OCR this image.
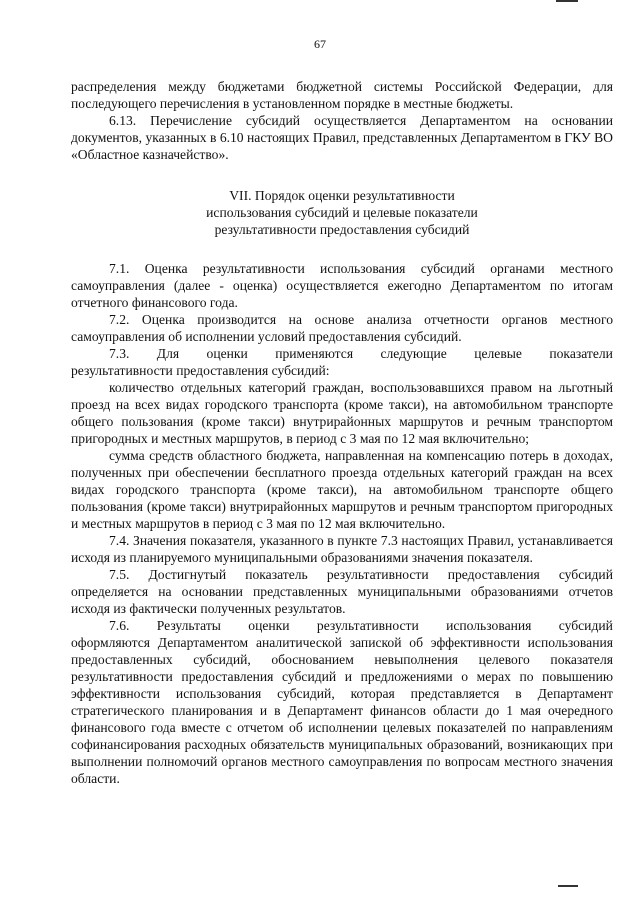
67

распределения между бюджетами бюджетной системы Российской Федерации, для последующего перечисления в установленном порядке в местные бюджеты.

6.13. Перечисление субсидий осуществляется Департаментом на основании документов, указанных в 6.10 настоящих Правил, представленных Департаментом в ГКУ ВО «Областное казначейство».

VII. Порядок оценки результативности
использования субсидий и целевые показатели
результативности предоставления субсидий

7.1. Оценка результативности использования субсидий органами местного самоуправления (далее - оценка) осуществляется ежегодно Департаментом по итогам отчетного финансового года.

7.2. Оценка производится на основе анализа отчетности органов местного самоуправления об исполнении условий предоставления субсидий.

7.3. Для оценки применяются следующие целевые показатели

результативности предоставления субсидий:

количество отдельных категорий граждан, воспользовавшихся правом на льготный проезд на всех видах городского транспорта (кроме такси), на автомобильном транспорте общего пользования (кроме такси) внутрирайонных маршрутов и речным транспортом пригородных и местных маршрутов, в период с 3 мая по 12 мая включительно;

сумма средств областного бюджета, направленная на компенсацию потерь в доходах, полученных при обеспечении бесплатного проезда отдельных категорий граждан на всех видах городского транспорта (кроме такси), на автомобильном транспорте общего пользования (кроме такси) внутрирайонных маршрутов и речным транспортом пригородных и местных маршрутов в период с 3 мая по 12 мая включительно.

7.4. Значения показателя, указанного в пункте 7.3 настоящих Правил, устанавливается исходя из планируемого муниципальными образованиями значения показателя.

7.5. Достигнутый показатель результативности предоставления субсидий определяется на основании представленных муниципальными образованиями отчетов исходя из фактически полученных результатов.

7.6. Результаты оценки результативности использования субсидий

оформляются Департаментом аналитической запиской об эффективности использования предоставленных субсидий, обоснованием невыполнения целевого показателя результативности предоставления субсидий и предложениями о мерах по повышению эффективности использования субсидий, которая представляется в Департамент стратегического планирования и в Департамент финансов области до 1 мая очередного финансового года вместе с отчетом об исполнении целевых показателей по направлениям софинансирования расходных обязательств муниципальных образований, возникающих при выполнении полномочий органов местного самоуправления по вопросам местного значения области.
